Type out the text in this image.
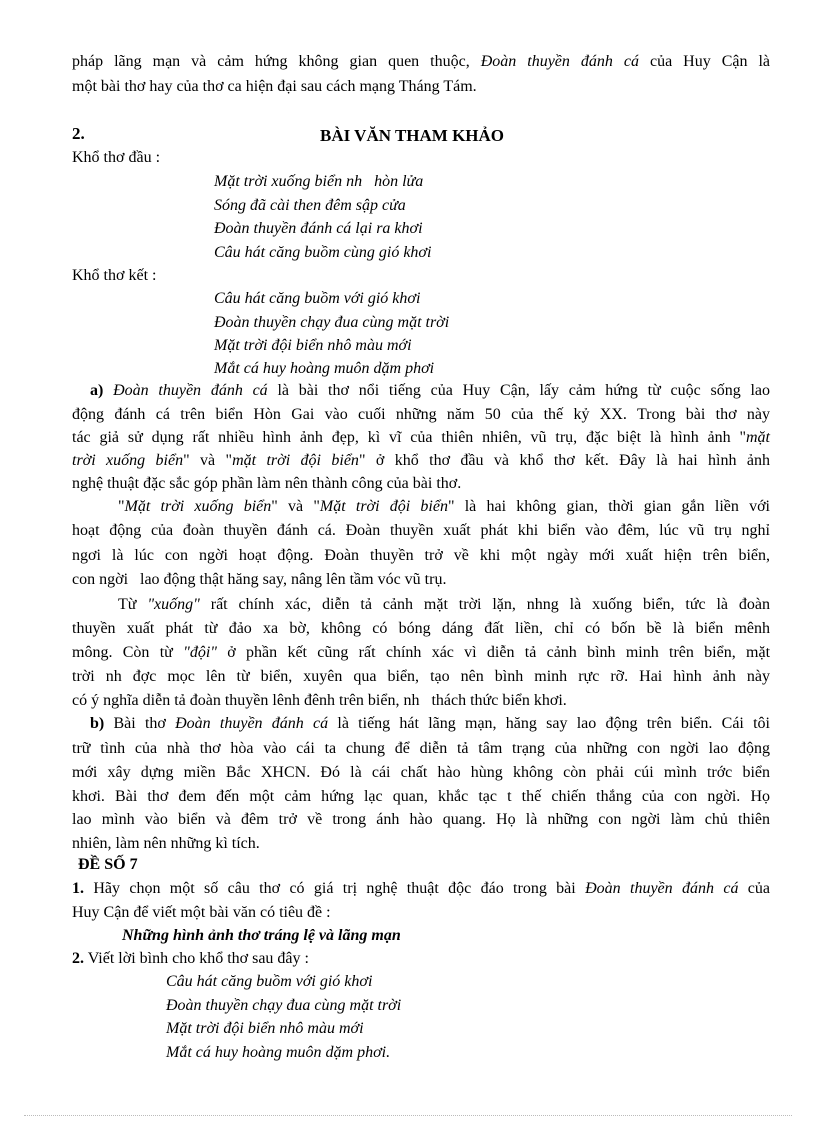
pháp lãng mạn và cảm hứng không gian quen thuộc, Đoàn thuyền đánh cá của Huy Cận là

một bài thơ hay của thơ ca hiện đại sau cách mạng Tháng Tám.

2.	BÀI VĂN THAM KHẢO

Khổ thơ đầu :

Mặt trời xuống biển nh   hòn lửa

Sóng đã cài then đêm sập cửa

Đoàn thuyền đánh cá lại ra khơi

Câu hát căng buồm cùng gió khơi

Khổ thơ kết :

Câu hát căng buồm với gió khơi

Đoàn thuyền chạy đua cùng mặt trời

Mặt trời đội biển nhô màu mới

Mắt cá huy hoàng muôn dặm phơi

a) Đoàn thuyền đánh cá là bài thơ nổi tiếng của Huy Cận, lấy cảm hứng từ cuộc sống lao

động đánh cá trên biển Hòn Gai vào cuối những năm 50 của thế kỷ XX. Trong bài thơ này

tác giả sử dụng rất nhiều hình ảnh đẹp, kì vĩ của thiên nhiên, vũ trụ, đặc biệt là hình ảnh "mặt

trời xuống biển" và "mặt trời đội biển" ở khổ thơ đầu và khổ thơ kết. Đây là hai hình ảnh

nghệ thuật đặc sắc góp phần làm nên thành công của bài thơ.

"Mặt trời xuống biển" và "Mặt trời đội biển" là hai không gian, thời gian gắn liền với

hoạt động của đoàn thuyền đánh cá. Đoàn thuyền xuất phát khi biển vào đêm, lúc vũ trụ nghỉ

ngơi là lúc con ngời hoạt động. Đoàn thuyền trở về khi một ngày mới xuất hiện trên biển,

con ngời   lao động thật hăng say, nâng lên tầm vóc vũ trụ.

Từ "xuống" rất chính xác, diễn tả cảnh mặt trời lặn, nhng là xuống biển, tức là đoàn

thuyền xuất phát từ đảo xa bờ, không có bóng dáng đất liền, chỉ có bốn bề là biển mênh

mông. Còn từ "đội" ở phần kết cũng rất chính xác vì diễn tả cảnh bình minh trên biển, mặt

trời nh đợc mọc lên từ biển, xuyên qua biển, tạo nên bình minh rực rỡ. Hai hình ảnh này

có ý nghĩa diễn tả đoàn thuyền lênh đênh trên biển, nh   thách thức biển khơi.

b) Bài thơ Đoàn thuyền đánh cá là tiếng hát lãng mạn, hăng say lao động trên biển. Cái tôi

trữ tình của nhà thơ hòa vào cái ta chung để diễn tả tâm trạng của những con ngời lao động

mới xây dựng miền Bắc XHCN. Đó là cái chất hào hùng không còn phải cúi mình trớc biển

khơi. Bài thơ đem đến một cảm hứng lạc quan, khắc tạc t thế chiến thắng của con ngời. Họ

lao mình vào biển và đêm trở về trong ánh hào quang. Họ là những con ngời làm chủ thiên

nhiên, làm nên những kì tích.

ĐỀ SỐ 7

1. Hãy chọn một số câu thơ có giá trị nghệ thuật độc đáo trong bài Đoàn thuyền đánh cá của

Huy Cận để viết một bài văn có tiêu đề :

Những hình ảnh thơ tráng lệ và lãng mạn

2. Viết lời bình cho khổ thơ sau đây :

Câu hát căng buồm với gió khơi

Đoàn thuyền chạy đua cùng mặt trời

Mặt trời đội biển nhô màu mới

Mắt cá huy hoàng muôn dặm phơi.
